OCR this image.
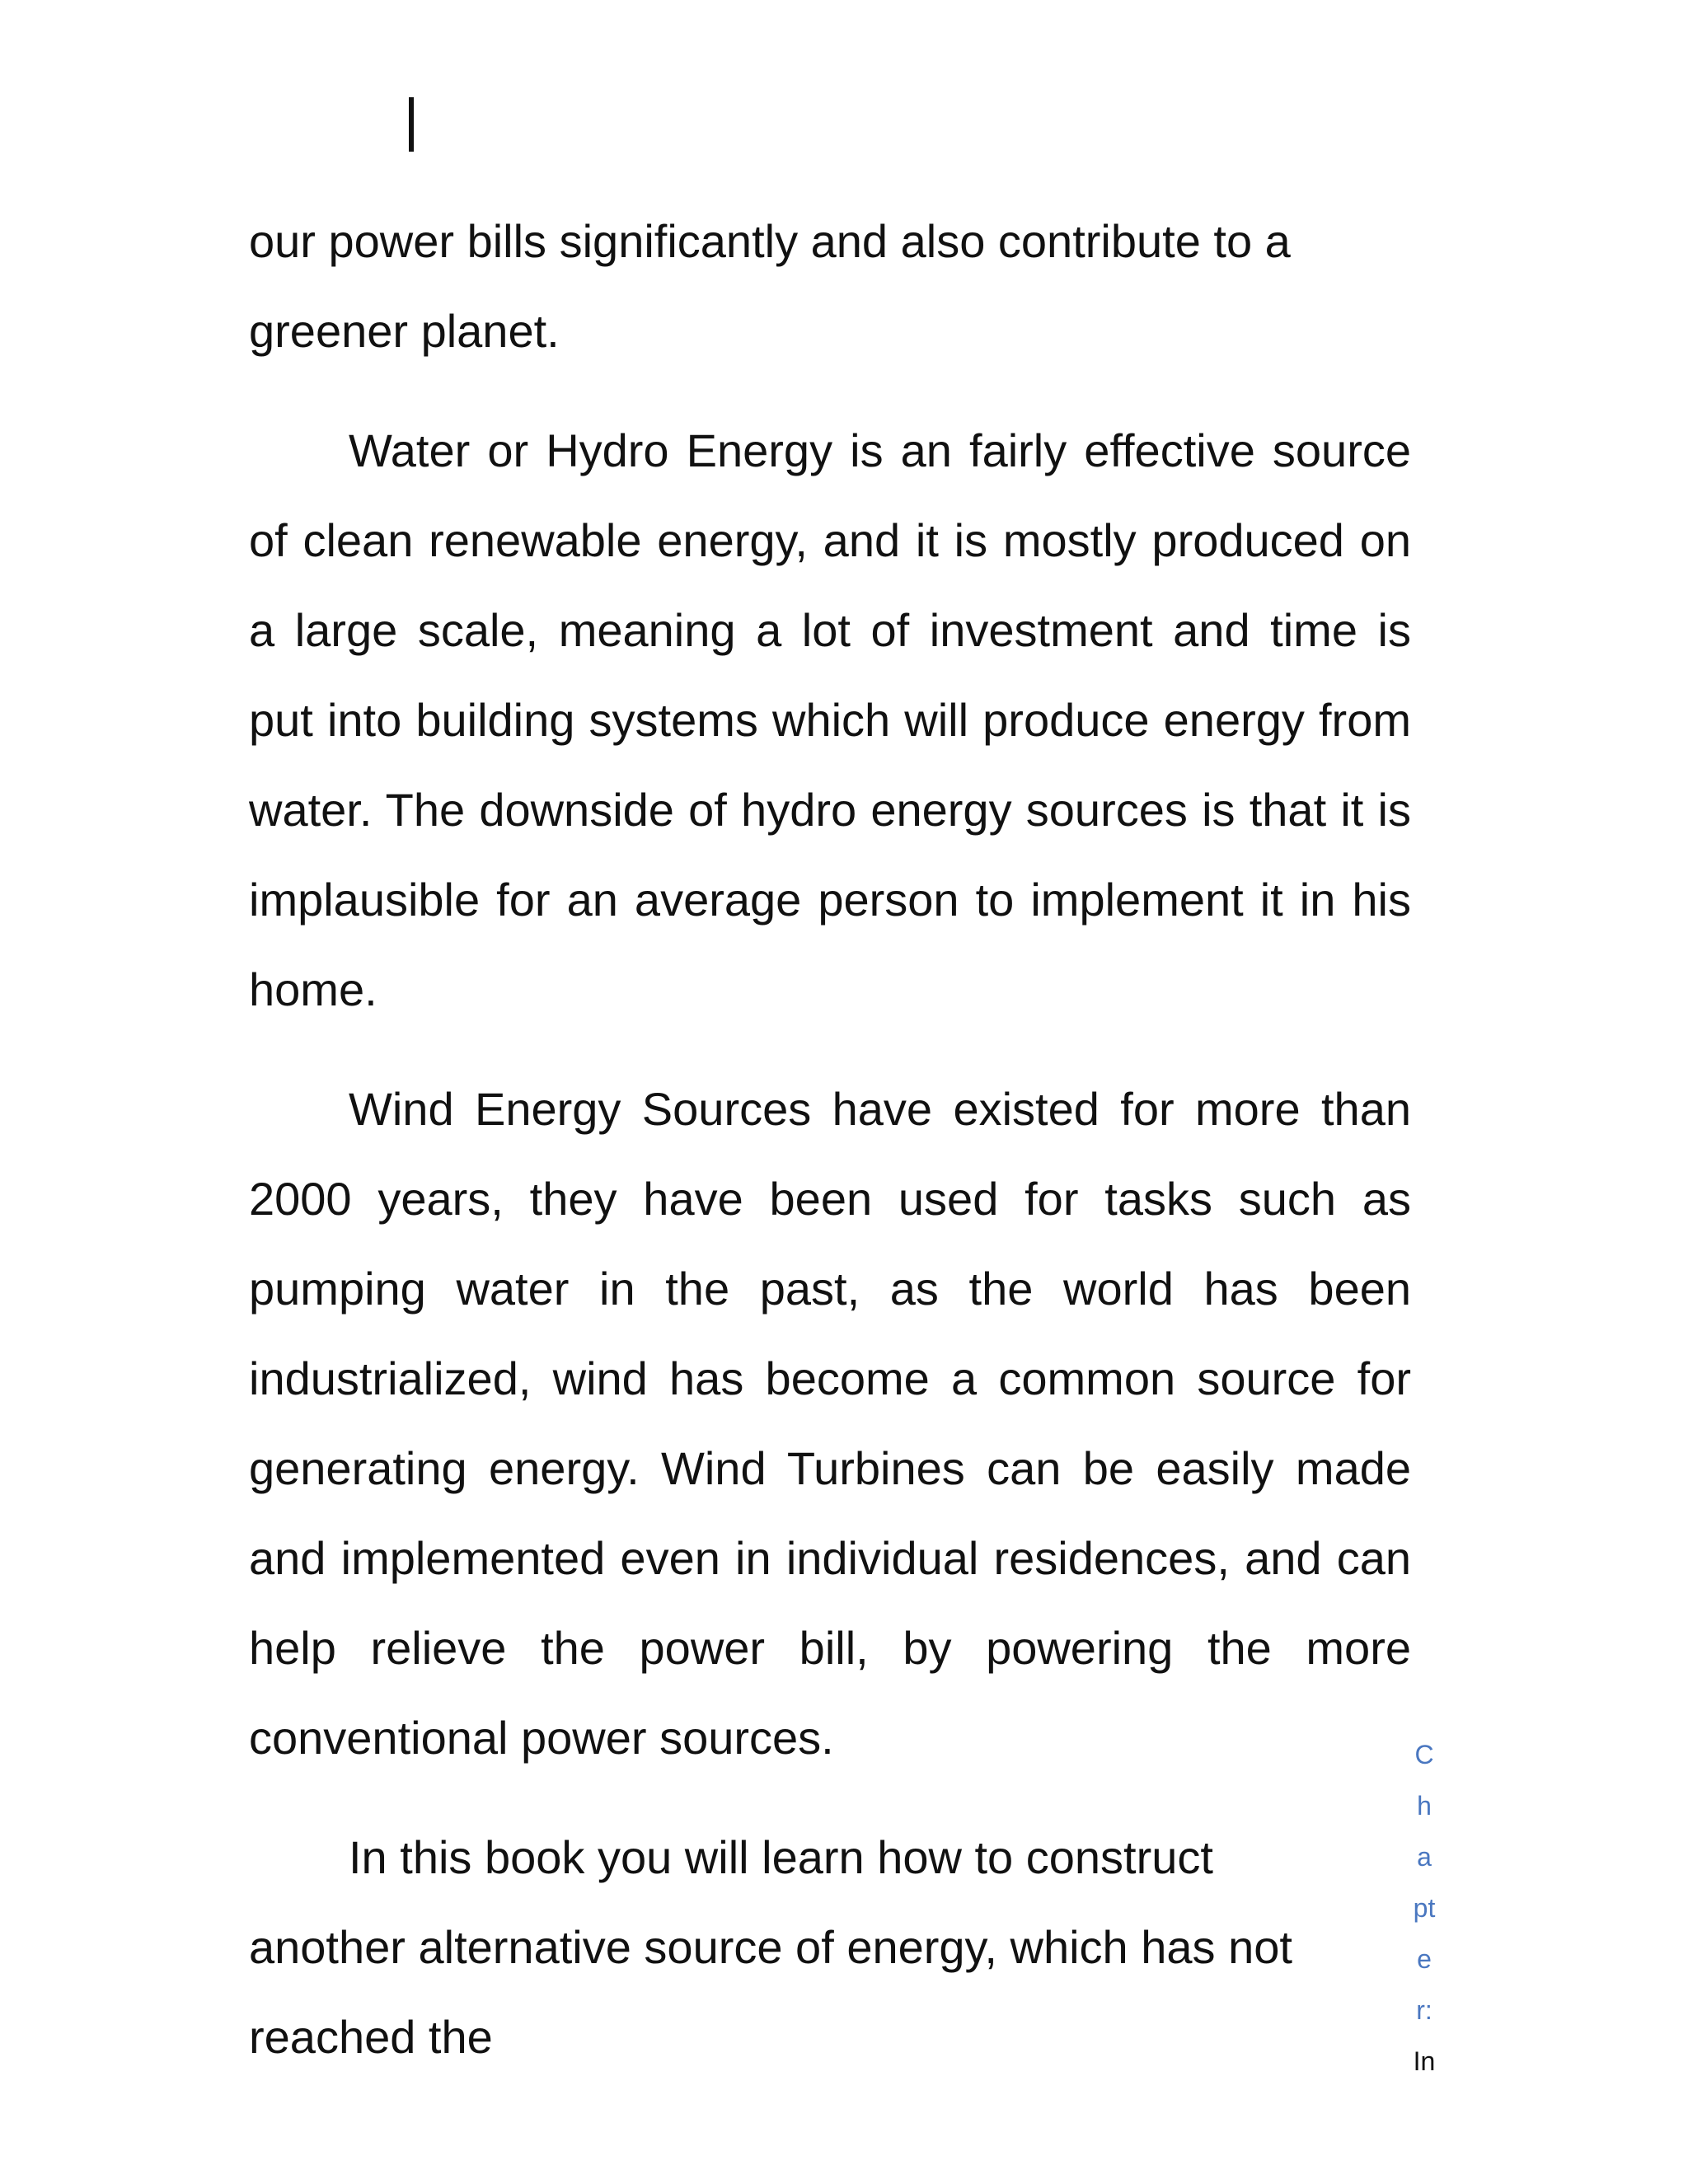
our power bills significantly and also contribute to a greener planet.

Water or Hydro Energy is an fairly effective source of clean renewable energy, and it is mostly produced on a large scale, meaning a lot of investment and time is put into building systems which will produce energy from water. The downside of hydro energy sources is that it is implausible for an average person to implement it in his home.

Wind Energy Sources have existed for more than 2000 years, they have been used for tasks such as pumping water in the past, as the world has been industrialized, wind has become a common source for generating energy. Wind Turbines can be easily made and implemented even in individual residences, and can help relieve the power bill, by powering the more conventional power sources.

In this book you will learn how to construct another alternative source of energy, which has not reached the

C
h
a
pt
e
r:
In
